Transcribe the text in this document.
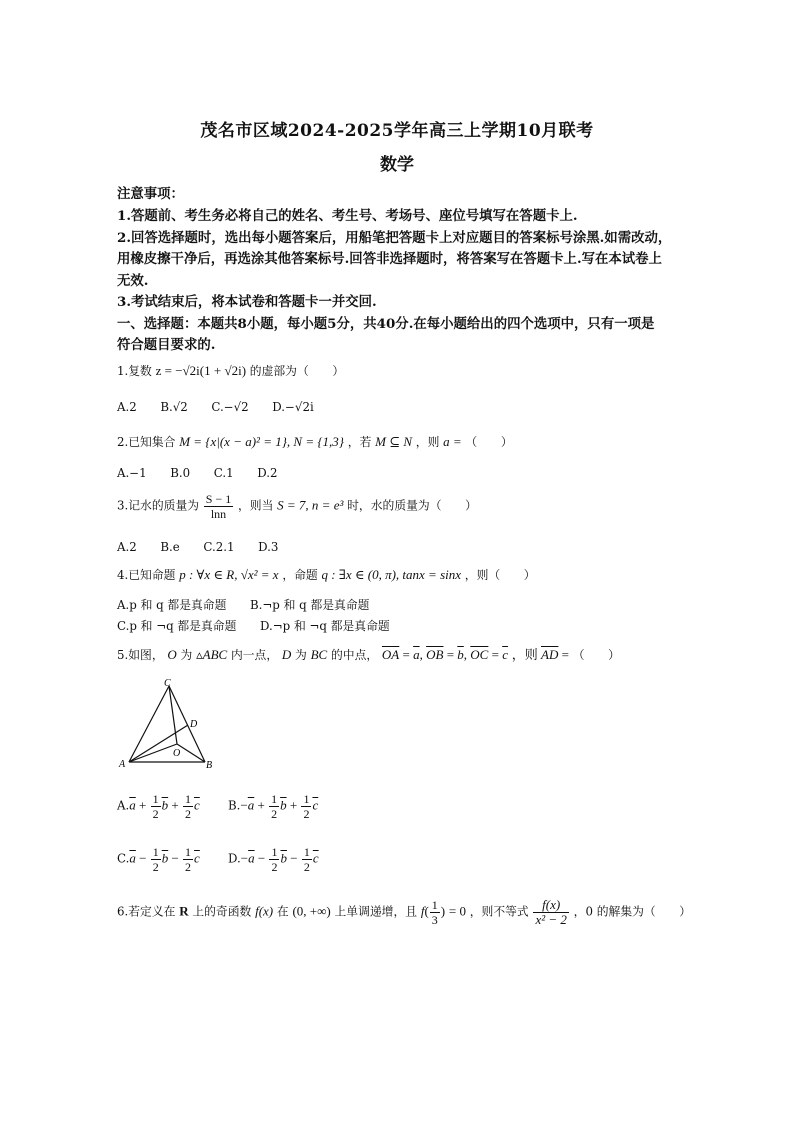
茂名市区域2024-2025学年高三上学期10月联考
数学
注意事项：
1.答题前、考生务必将自己的姓名、考生号、考场号、座位号填写在答题卡上.
2.回答选择题时，选出每小题答案后，用船笔把答题卡上对应题目的答案标号涂黑.如需改动，
用橡皮擦干净后，再选涂其他答案标号.回答非选择题时，将答案写在答题卡上.写在本试卷上
无效.
3.考试结束后，将本试卷和答题卡一并交回.
一、选择题：本题共8小题，每小题5分，共40分.在每小题给出的四个选项中，只有一项是
符合题目要求的.
1.复数 z = −√2i(1 + √2i) 的虚部为（　　）
A.2　　B.√2　　C.−√2　　D.−√2i
2.已知集合 M = {x|(x − a)² = 1}, N = {1,3} ，若 M ⊆ N ，则 a = （　　）
A.−1　　B.0　　C.1　　D.2
3.记水的质量为 $\frac{S - 1}{\ln n}$ ，则当 S = 7, n = e³ 时，水的质量为（　　）
A.2　　B.e　　C.2.1　　D.3
4.已知命题 p : ∀x ∈ R, √x² = x ，命题 q : ∃x ∈ (0, π), tanx = sinx ，则（　　）
A.p 和 q 都是真命题 B.¬p 和 q 都是真命题
C.p 和 ¬q 都是真命题 D.¬p 和 ¬q 都是真命题
5.如图， O 为 ▵ABC 内一点， D 为 BC 的中点， $\overline{OA} = \overline{a}$, $\overline{OB} = \overline{b}$, $\overline{OC} = \overline{c}$ ，则 $\overline{AD}$ = （　　）
A	B
C
D
O
$A.\overline{a} + \frac{1}{2} \overline{b} + \frac{1}{2} \overline{c}$ $B.-\overline{a} + \frac{1}{2} \overline{b} + \frac{1}{2} \overline{c}$
$C.\overline{a} - \frac{1}{2} \overline{b} - \frac{1}{2} \overline{c}$ $D.-\overline{a} - \frac{1}{2} \overline{b} - \frac{1}{2} \overline{c}$
6.若定义在 R 上的奇函数 f(x) 在 (0, +∞) 上单调递增，且 $f( \frac{1}{3}$ ) = 0 ，则不等式 $\frac{f(x)}{\text{x² − 2}}$ ，0 的解集为（　　）
